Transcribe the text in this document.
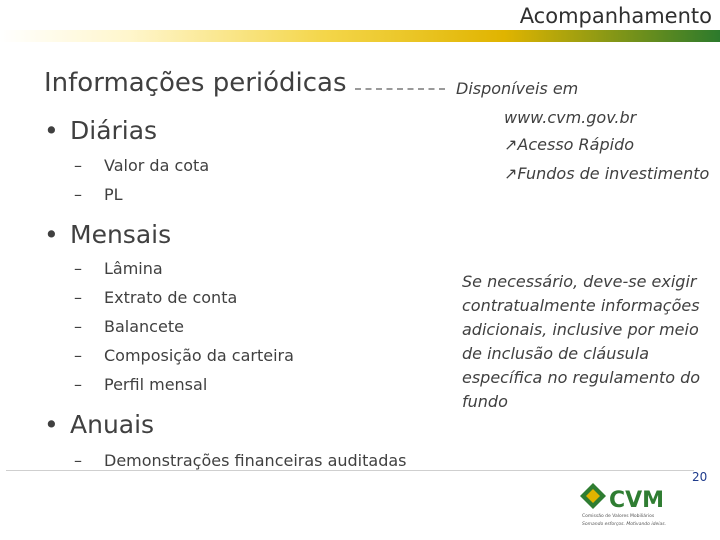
Acompanhamento
Informações periódicas
• Diárias
– Valor da cota
– PL
• Mensais
– Lâmina
– Extrato de conta
– Balancete
– Composição da carteira
– Perfil mensal
• Anuais
– Demonstrações financeiras auditadas
Disponíveis em
www.cvm.gov.br
↗Acesso Rápido
↗Fundos de investimento
Se necessário, deve-se exigir contratualmente informações adicionais, inclusive por meio de inclusão de cláusula específica no regulamento do fundo
CVM
Comissão de Valores Mobiliários
Somando esforços. Motivando ideias.
20
